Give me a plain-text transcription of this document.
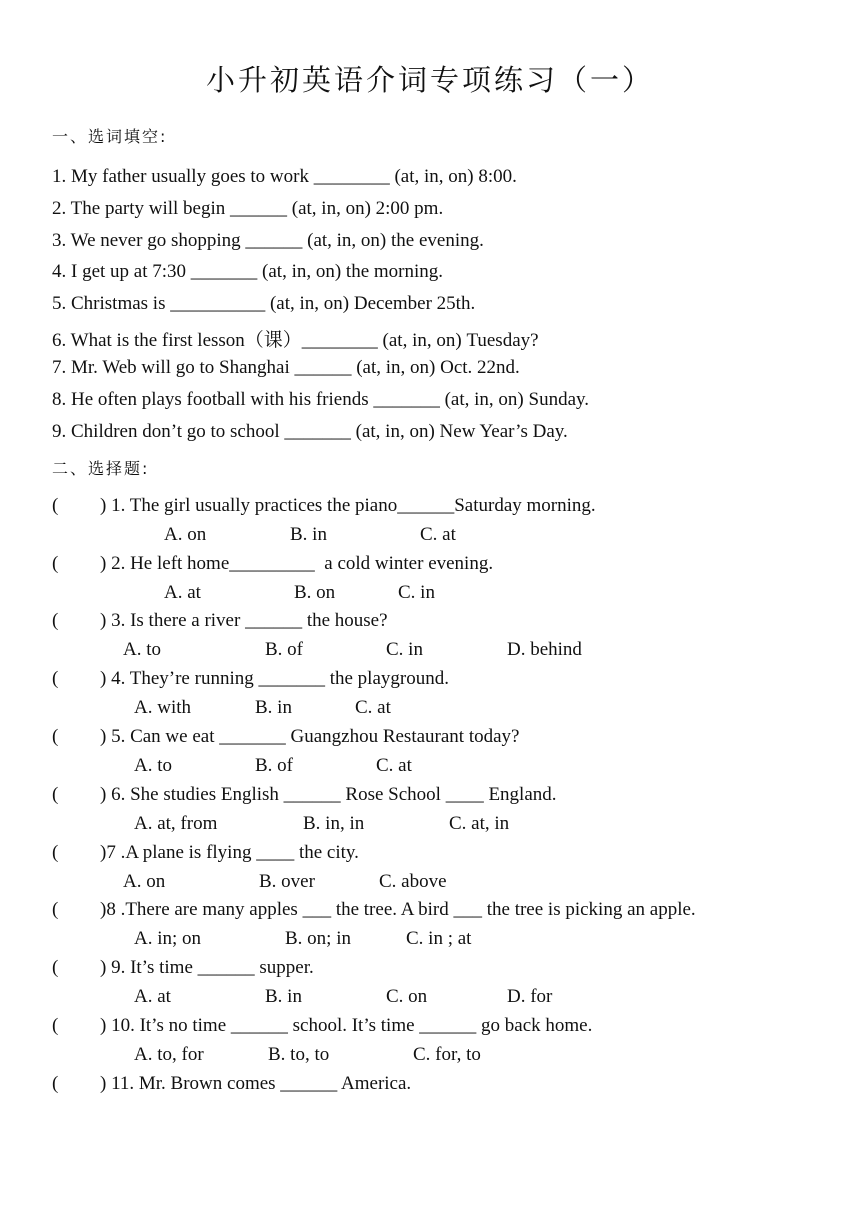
小升初英语介词专项练习（一）
一、选词填空:
1. My father usually goes to work ________ (at, in, on) 8:00.
2. The party will begin ______ (at, in, on) 2:00 pm.
3. We never go shopping ______ (at, in, on) the evening.
4. I get up at 7:30 _______ (at, in, on) the morning.
5. Christmas is __________ (at, in, on) December 25th.
6. What is the first lesson（课）________ (at, in, on) Tuesday?
7. Mr. Web will go to Shanghai ______ (at, in, on) Oct. 22nd.
8. He often plays football with his friends _______ (at, in, on) Sunday.
9. Children don’t go to school _______ (at, in, on) New Year’s Day.
二、选择题:
( ) 1. The girl usually practices the piano______Saturday morning.
A. on	B. in	C. at
( ) 2. He left home_________  a cold winter evening.
A. at	B. on	C. in
( ) 3. Is there a river ______ the house?
A. to	B. of	C. in	D. behind
( ) 4. They’re running _______ the playground.
A. with	B. in	C. at
( ) 5. Can we eat _______ Guangzhou Restaurant today?
A. to	B. of	C. at
( ) 6. She studies English ______ Rose School ____ England.
A. at, from	B. in, in	C. at, in
( )7 .A plane is flying ____ the city.
A. on	B. over	C. above
( )8 .There are many apples ___ the tree. A bird ___ the tree is picking an apple.
A. in; on	B. on; in	C. in ; at
( ) 9. It’s time ______ supper.
A. at	B. in	C. on	D. for
( ) 10. It’s no time ______ school. It’s time ______ go back home.
A. to, for	B. to, to	C. for, to
( ) 11. Mr. Brown comes ______ America.
